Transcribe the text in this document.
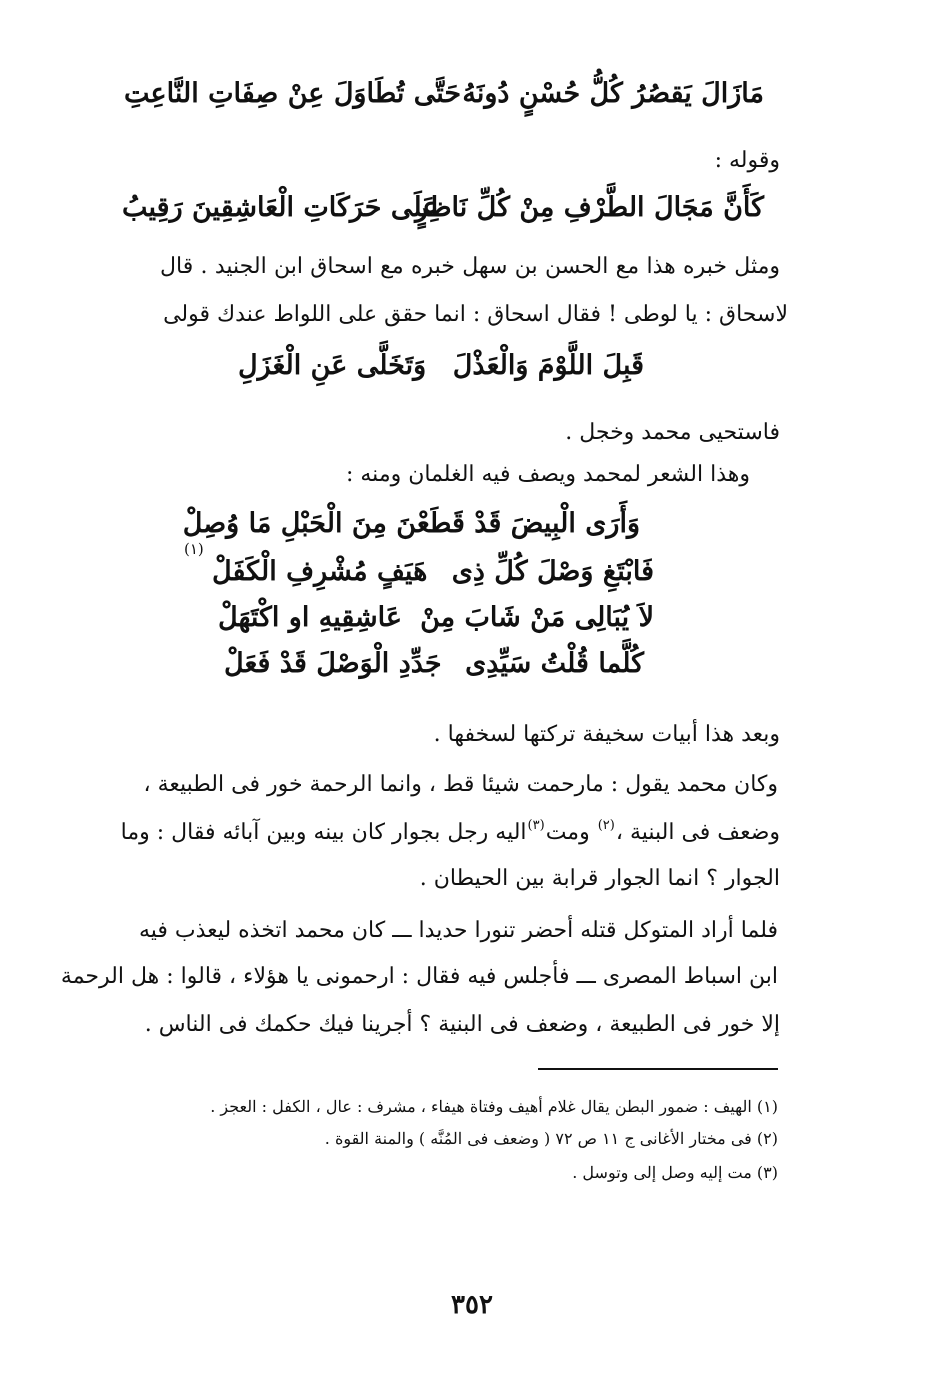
مَازَالَ يَقصُرُ كُلُّ حُسْنٍ دُونَهُ
حَتَّى تُطَاوَلَ عِنْ صِفَاتِ النَّاعِتِ
وقوله :
كَأَنَّ مَجَالَ الطَّرْفِ مِنْ كُلِّ نَاظِرٍ
عَلَى حَرَكَاتِ الْعَاشِقِينَ رَقِيبُ
ومثل خبره هذا مع الحسن بن سهل خبره مع اسحاق ابن الجنيد . قال
لاسحاق : يا لوطى ! فقال اسحاق : انما حقق على اللواط عندك قولى
قَبِلَ اللَّوْمَ وَالْعَذْلَ
وَتَخَلَّى عَنِ الْغَزَلِ
فاستحيى محمد وخجل .
وهذا الشعر لمحمد ويصف فيه الغلمان ومنه :
وَأَرَى الْبِيضَ قَدْ قَطَعْنَ مِنَ الْحَبْلِ مَا وُصِلْ
فَابْتَغِ وَصْلَ كُلِّ ذِى
هَيَفٍ مُشْرِفِ الْكَفَلْ
(١)
لاَ يُبَالِى مَنْ شَابَ مِنْ
عَاشِقِيهِ او اكْتَهَلْ
كُلَّما قُلْتُ سَيِّدِى
جَدِّدِ الْوَصْلَ قَدْ فَعَلْ
وبعد هذا أبيات سخيفة تركتها لسخفها .
وكان محمد يقول : مارحمت شيئا قط ، وانما الرحمة خور فى الطبيعة ،
وضعف فى البنية ،$^{(٢)}$ ومت$^{(٣)}$اليه رجل بجوار كان بينه وبين آبائه فقال : وما
الجوار ؟ انما الجوار قرابة بين الحيطان .
فلما أراد المتوكل قتله أحضر تنورا حديدا ـــ كان محمد اتخذه ليعذب فيه
ابن اسباط المصرى ـــ فأجلس فيه فقال : ارحمونى يا هؤلاء ، قالوا : هل الرحمة
إلا خور فى الطبيعة ، وضعف فى البنية ؟ أجرينا فيك حكمك فى الناس .
(١) الهيف : ضمور البطن يقال غلام أهيف وفتاة هيفاء ، مشرف : عال ، الكفل : العجز .
(٢) فى مختار الأغانى ج ١١ ص ٧٢ ( وضعف فى المُنَّه ) والمنة القوة .
(٣) مت إليه وصل إلى وتوسل .
٣٥٢
